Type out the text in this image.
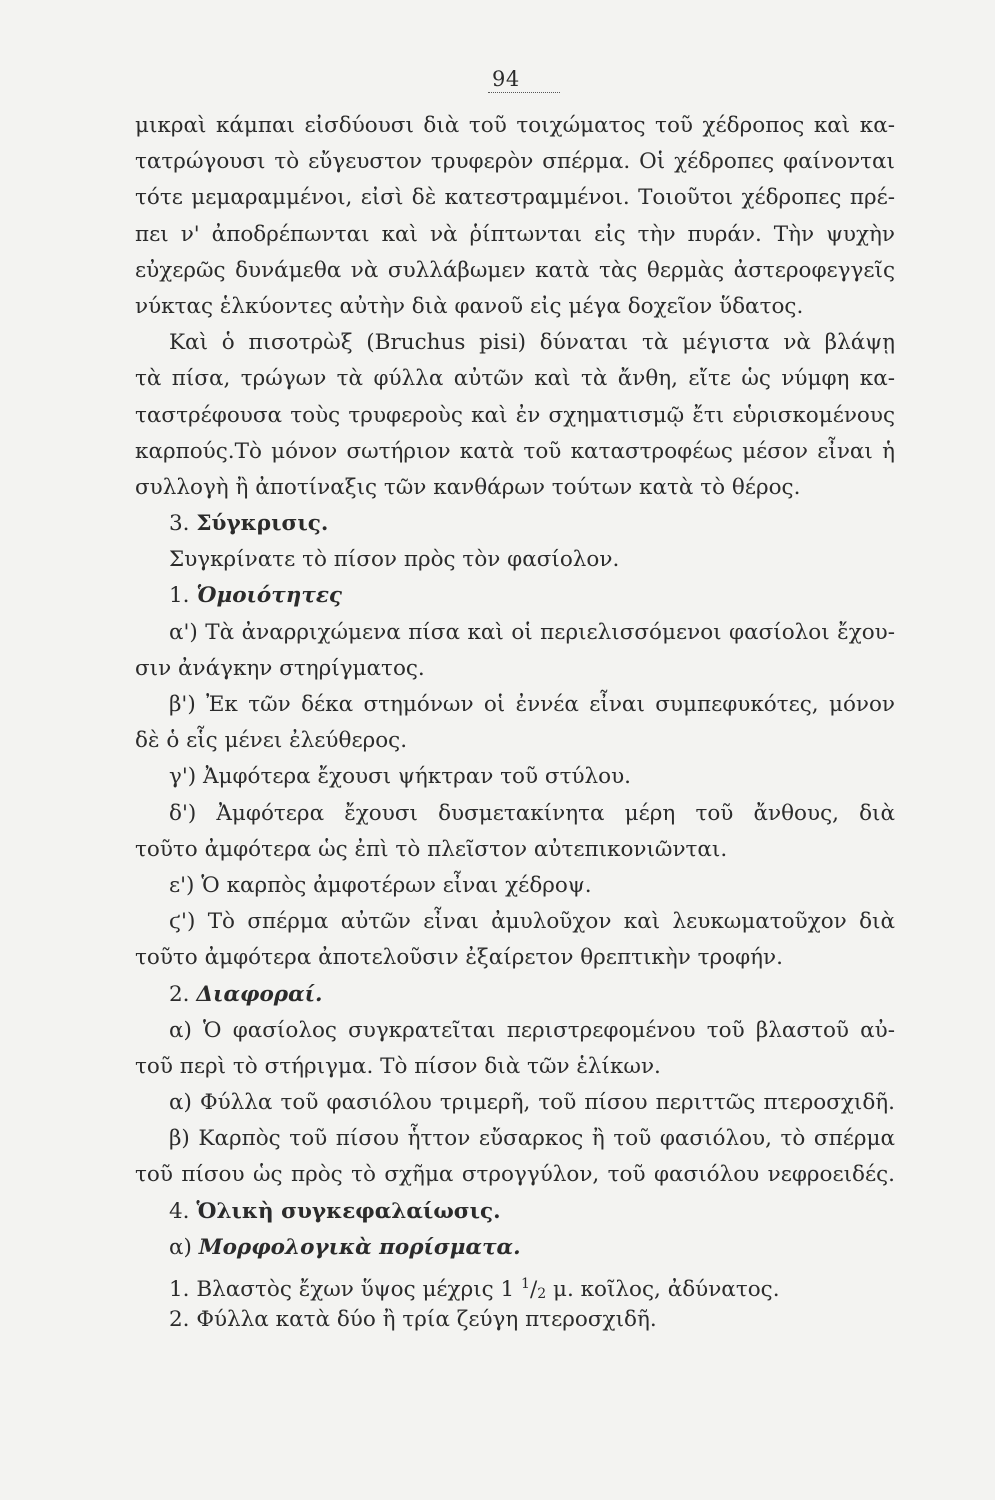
94
μικραὶ κάμπαι εἰσδύουσι διὰ τοῦ τοιχώματος τοῦ χέδροπος καὶ κα-
τατρώγουσι τὸ εὔγευστον τρυφερὸν σπέρμα. Οἱ χέδροπες φαίνονται
τότε μεμαραμμένοι, εἰσὶ δὲ κατεστραμμένοι. Τοιοῦτοι χέδροπες πρέ-
πει ν' ἀποδρέπωνται καὶ νὰ ῥίπτωνται εἰς τὴν πυράν. Τὴν ψυχὴν
εὐχερῶς δυνάμεθα νὰ συλλάβωμεν κατὰ τὰς θερμὰς ἀστεροφεγγεῖς
νύκτας ἑλκύοντες αὐτὴν διὰ φανοῦ εἰς μέγα δοχεῖον ὕδατος.
Καὶ ὁ πισοτρὼξ (Bruchus pisi) δύναται τὰ μέγιστα νὰ βλάψῃ
τὰ πίσα, τρώγων τὰ φύλλα αὐτῶν καὶ τὰ ἄνθη, εἴτε ὡς νύμφη κα-
ταστρέφουσα τοὺς τρυφεροὺς καὶ ἐν σχηματισμῷ ἔτι εὑρισκομένους
καρπούς.Τὸ μόνον σωτήριον κατὰ τοῦ καταστροφέως μέσον εἶναι ἡ
συλλογὴ ἢ ἀποτίναξις τῶν κανθάρων τούτων κατὰ τὸ θέρος.
3. Σύγκρισις.
Συγκρίνατε τὸ πίσον πρὸς τὸν φασίολον.
1. Ὁμοιότητες
α') Τὰ ἀναρριχώμενα πίσα καὶ οἱ περιελισσόμενοι φασίολοι ἔχου-
σιν ἀνάγκην στηρίγματος.
β') Ἐκ τῶν δέκα στημόνων οἱ ἐννέα εἶναι συμπεφυκότες, μόνον
δὲ ὁ εἷς μένει ἐλεύθερος.
γ') Ἀμφότερα ἔχουσι ψήκτραν τοῦ στύλου.
δ') Ἀμφότερα ἔχουσι δυσμετακίνητα μέρη τοῦ ἄνθους, διὰ
τοῦτο ἀμφότερα ὡς ἐπὶ τὸ πλεῖστον αὐτεπικονιῶνται.
ε') Ὁ καρπὸς ἀμφοτέρων εἶναι χέδροψ.
ϛ') Τὸ σπέρμα αὐτῶν εἶναι ἀμυλοῦχον καὶ λευκωματοῦχον διὰ
τοῦτο ἀμφότερα ἀποτελοῦσιν ἐξαίρετον θρεπτικὴν τροφήν.
2. Διαφοραί.
α) Ὁ φασίολος συγκρατεῖται περιστρεφομένου τοῦ βλαστοῦ αὐ-
τοῦ περὶ τὸ στήριγμα. Τὸ πίσον διὰ τῶν ἑλίκων.
α) Φύλλα τοῦ φασιόλου τριμερῆ, τοῦ πίσου περιττῶς πτεροσχιδῆ.
β) Καρπὸς τοῦ πίσου ἧττον εὔσαρκος ἢ τοῦ φασιόλου, τὸ σπέρμα
τοῦ πίσου ὡς πρὸς τὸ σχῆμα στρογγύλον, τοῦ φασιόλου νεφροειδές.
4. Ὁλικὴ συγκεφαλαίωσις.
α) Μορφολογικὰ πορίσματα.
1. Βλαστὸς ἔχων ὕψος μέχρις 1 $^1$/2 μ. κοῖλος, ἀδύνατος.
2. Φύλλα κατὰ δύο ἢ τρία ζεύγη πτεροσχιδῆ.
